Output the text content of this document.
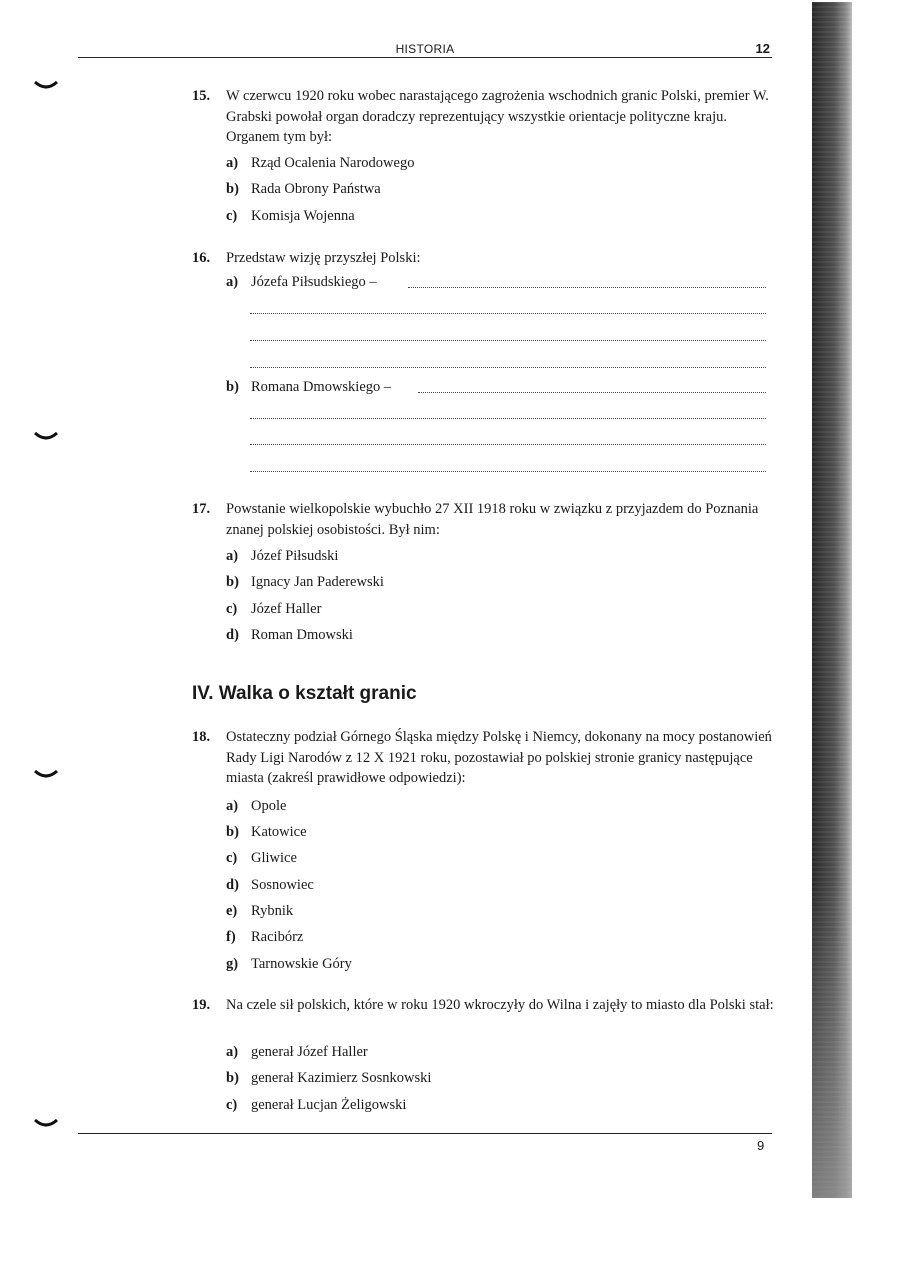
HISTORIA	12
15. W czerwcu 1920 roku wobec narastającego zagrożenia wschodnich granic Polski, premier W. Grabski powołał organ doradczy reprezentujący wszystkie orientacje polityczne kraju. Organem tym był:
a) Rząd Ocalenia Narodowego
b) Rada Obrony Państwa
c) Komisja Wojenna
16. Przedstaw wizję przyszłej Polski:
a) Józefa Piłsudskiego –
b) Romana Dmowskiego –
17. Powstanie wielkopolskie wybuchło 27 XII 1918 roku w związku z przyjazdem do Poznania znanej polskiej osobistości. Był nim:
a) Józef Piłsudski
b) Ignacy Jan Paderewski
c) Józef Haller
d) Roman Dmowski
IV. Walka o kształt granic
18. Ostateczny podział Górnego Śląska między Polskę i Niemcy, dokonany na mocy postanowień Rady Ligi Narodów z 12 X 1921 roku, pozostawiał po polskiej stronie granicy następujące miasta (zakreśl prawidłowe odpowiedzi):
a) Opole
b) Katowice
c) Gliwice
d) Sosnowiec
e) Rybnik
f) Racibórz
g) Tarnowskie Góry
19. Na czele sił polskich, które w roku 1920 wkroczyły do Wilna i zajęły to miasto dla Polski stał:
a) generał Józef Haller
b) generał Kazimierz Sosnkowski
c) generał Lucjan Żeligowski
9
